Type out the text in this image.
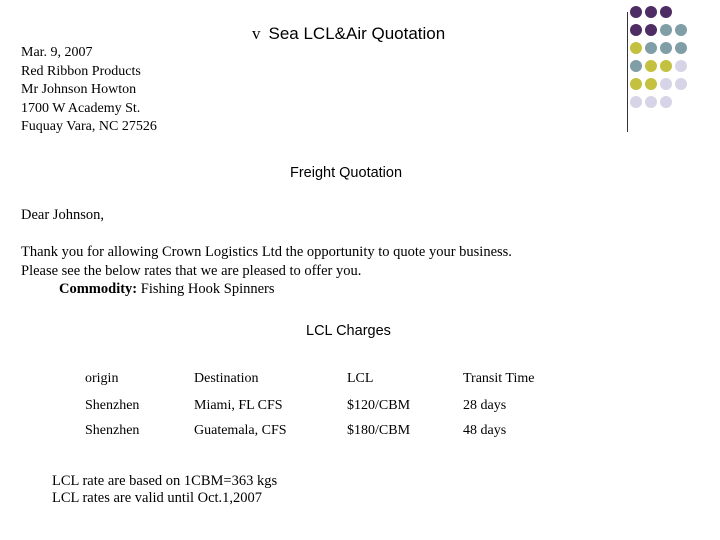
v Sea LCL&Air Quotation
Mar. 9, 2007
Red Ribbon Products
Mr Johnson Howton
1700 W Academy St.
Fuquay Vara, NC 27526
Freight Quotation
Dear Johnson,
Thank you for allowing Crown Logistics Ltd the opportunity to quote your business.
Please see the below rates that we are pleased to offer you.
Commodity: Fishing Hook Spinners
LCL Charges
origin	Destination	LCL	Transit Time
Shenzhen	Miami, FL CFS	$120/CBM	28 days
Shenzhen	Guatemala, CFS	$180/CBM	48 days
LCL rate are based on 1CBM=363 kgs
LCL rates are valid until Oct.1,2007
